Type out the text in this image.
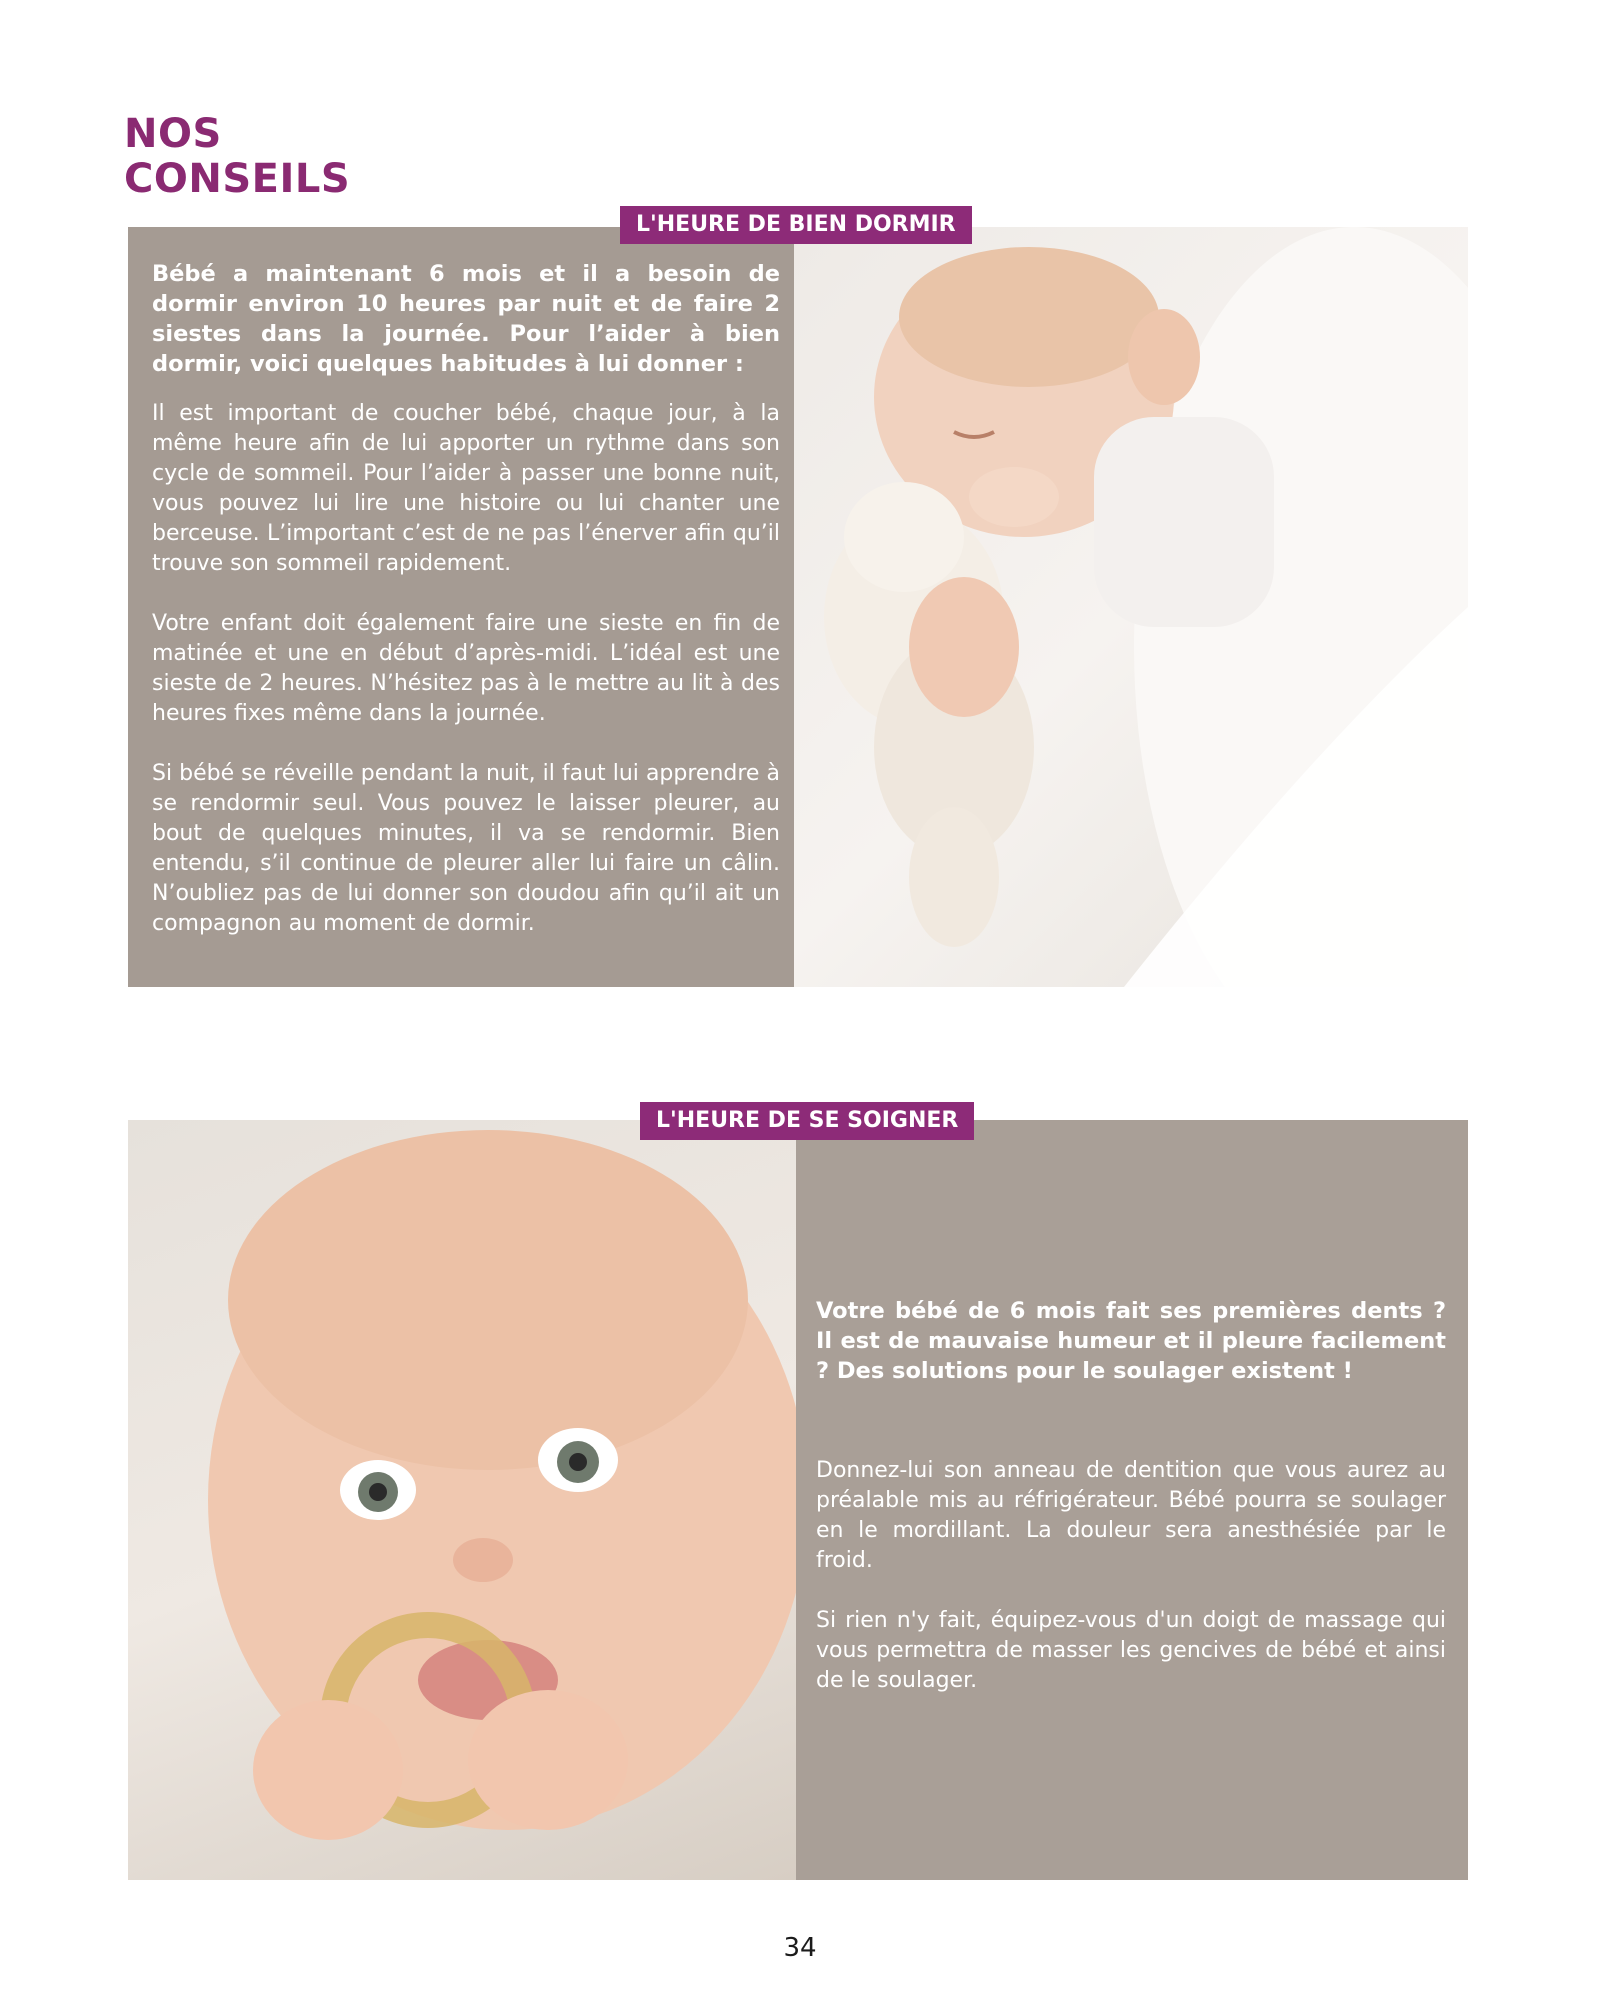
NOS
CONSEILS
L'HEURE DE BIEN DORMIR

Bébé a maintenant 6 mois et il a besoin de dormir environ 10 heures par nuit et de faire 2 siestes dans la journée. Pour l’aider à bien dormir, voici quelques habitudes à lui donner :

Il est important de coucher bébé, chaque jour, à la même heure afin de lui apporter un rythme dans son cycle de sommeil. Pour l’aider à passer une bonne nuit, vous pouvez lui lire une histoire ou lui chanter une berceuse. L’important c’est de ne pas l’énerver afin qu’il trouve son sommeil rapidement.

Votre enfant doit également faire une sieste en fin de matinée et une en début d’après-midi. L’idéal est une sieste de 2 heures. N’hésitez pas à le mettre au lit à des heures fixes même dans la journée.

Si bébé se réveille pendant la nuit, il faut lui apprendre à se rendormir seul. Vous pouvez le laisser pleurer, au bout de quelques minutes, il va se rendormir. Bien entendu, s’il continue de pleurer aller lui faire un câlin. N’oubliez pas de lui donner son doudou afin qu’il ait un compagnon au moment de dormir.

L'HEURE DE SE SOIGNER

Votre bébé de 6 mois fait ses premières dents ? Il est de mauvaise humeur et il pleure facilement ? Des solutions pour le soulager existent !

Donnez-lui son anneau de dentition que vous aurez au préalable mis au réfrigérateur. Bébé pourra se soulager en le mordillant. La douleur sera anesthésiée par le froid.

Si rien n'y fait, équipez-vous d'un doigt de massage qui vous permettra de masser les gencives de bébé et ainsi de le soulager.

34
